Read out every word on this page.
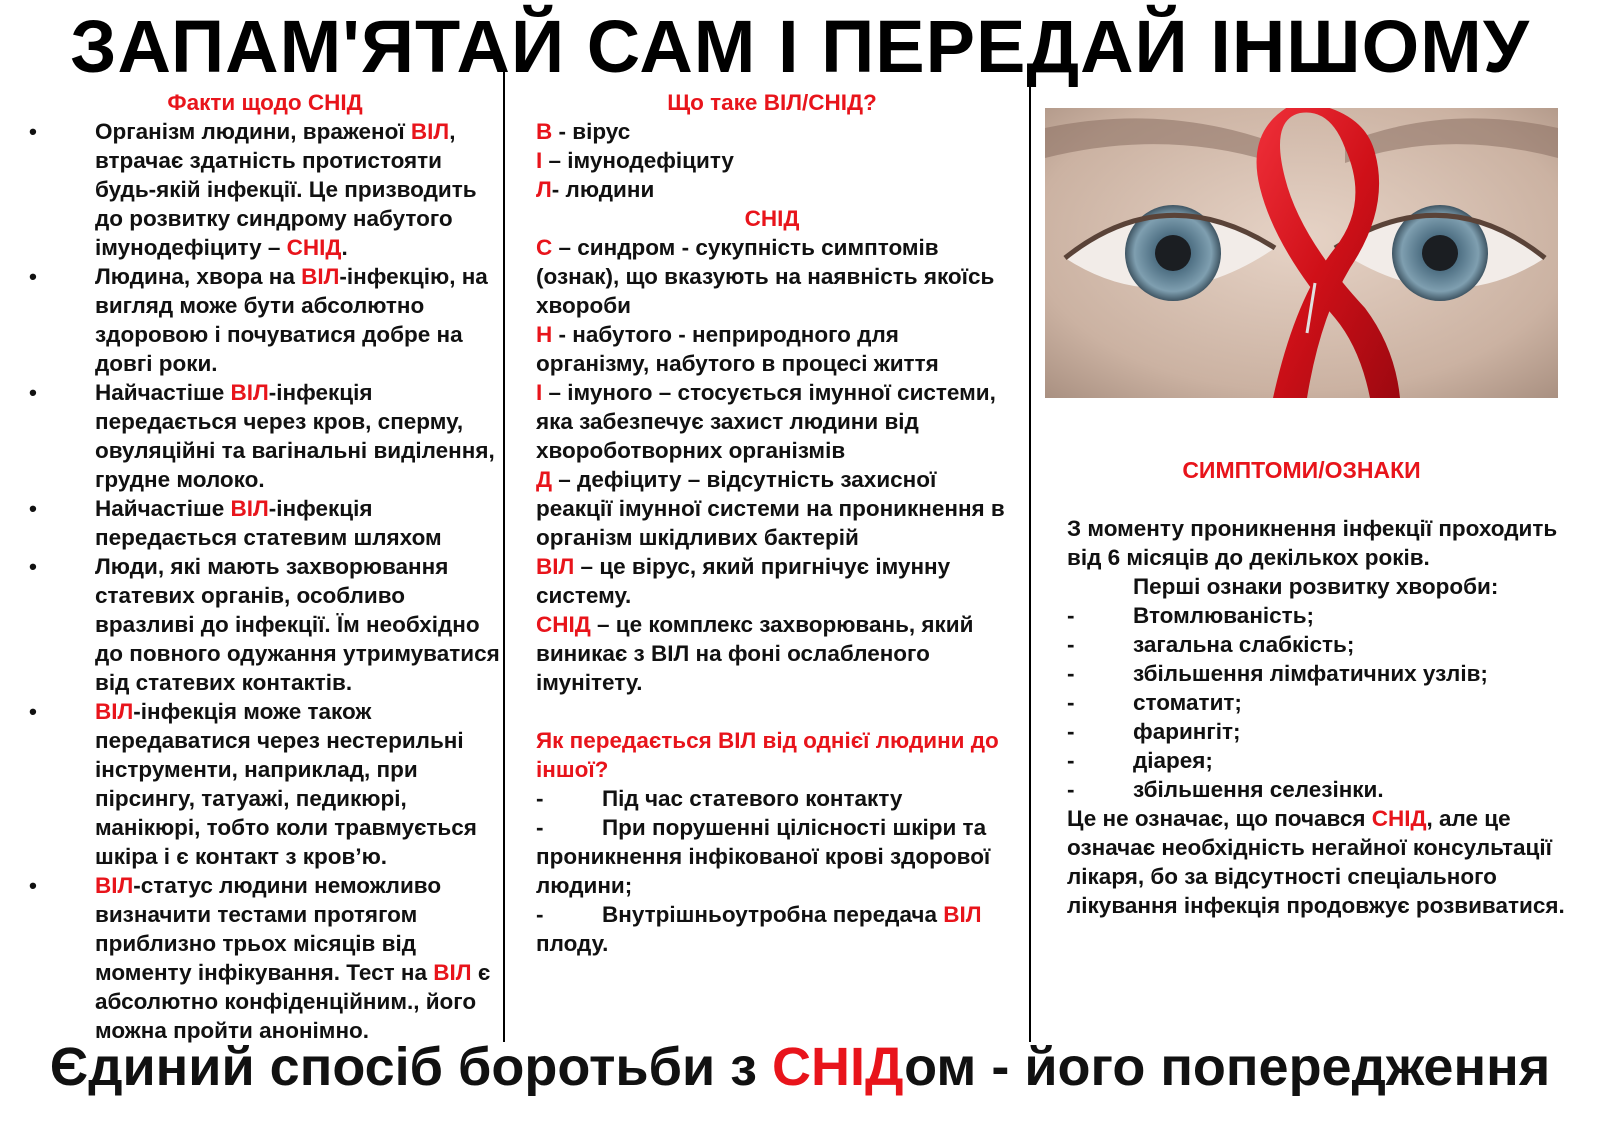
ЗАПАМ'ЯТАЙ САМ І ПЕРЕДАЙ ІНШОМУ
Факти щодо СНІД
•	Організм людини, враженої ВІЛ, втрачає здатність протистояти будь-якій інфекції. Це призводить до розвитку синдрому набутого імунодефіциту – СНІД.
•	Людина, хвора на ВІЛ-інфекцію, на вигляд може бути абсолютно здоровою і почуватися добре на довгі роки.
•	Найчастіше ВІЛ-інфекція передається через кров, сперму, овуляційні та вагінальні виділення, грудне молоко.
•	Найчастіше ВІЛ-інфекція передається статевим шляхом
•	Люди, які мають захворювання статевих органів, особливо вразливі до інфекції. Їм необхідно до повного одужання утримуватися від статевих контактів.
•	ВІЛ-інфекція може також передаватися через нестерильні інструменти, наприклад, при пірсингу, татуажі, педикюрі, манікюрі, тобто коли травмується шкіра і є контакт з кров’ю.
•	ВІЛ-статус людини неможливо визначити тестами протягом приблизно трьох місяців від моменту інфікування. Тест на ВІЛ є абсолютно конфіденційним., його можна пройти анонімно.
Що таке ВІЛ/СНІД?
В - вірус
І – імунодефіциту
Л- людини
СНІД
С – синдром - сукупність симптомів (ознак), що вказують на наявність якоїсь хвороби
Н - набутого - неприродного для організму, набутого в процесі життя
І – імуного – стосується імунної системи, яка забезпечує захист людини від хвороботворних організмів
Д – дефіциту – відсутність захисної реакції імунної системи на проникнення в організм шкідливих бактерій
ВІЛ – це вірус, який пригнічує імунну систему.
СНІД – це комплекс захворювань, який виникає з ВІЛ на фоні ослабленого імунітету.
Як передається ВІЛ від однієї людини до іншої?
-	Під час статевого контакту
-	При порушенні цілісності шкіри та проникнення інфікованої крові здорової людини;
-	Внутрішньоутробна передача ВІЛ плоду.
СИМПТОМИ/ОЗНАКИ
З моменту проникнення інфекції проходить від 6 місяців до декількох років.
Перші ознаки розвитку хвороби:
-	Втомлюваність;
-	загальна слабкість;
-	збільшення лімфатичних узлів;
-	стоматит;
-	фарингіт;
-	діарея;
-	збільшення селезінки.
Це не означає, що почався СНІД, але це означає необхідність негайної консультації лікаря, бо за відсутності спеціального лікування інфекція продовжує розвиватися.
Єдиний спосіб боротьби з СНІДом - його попередження
